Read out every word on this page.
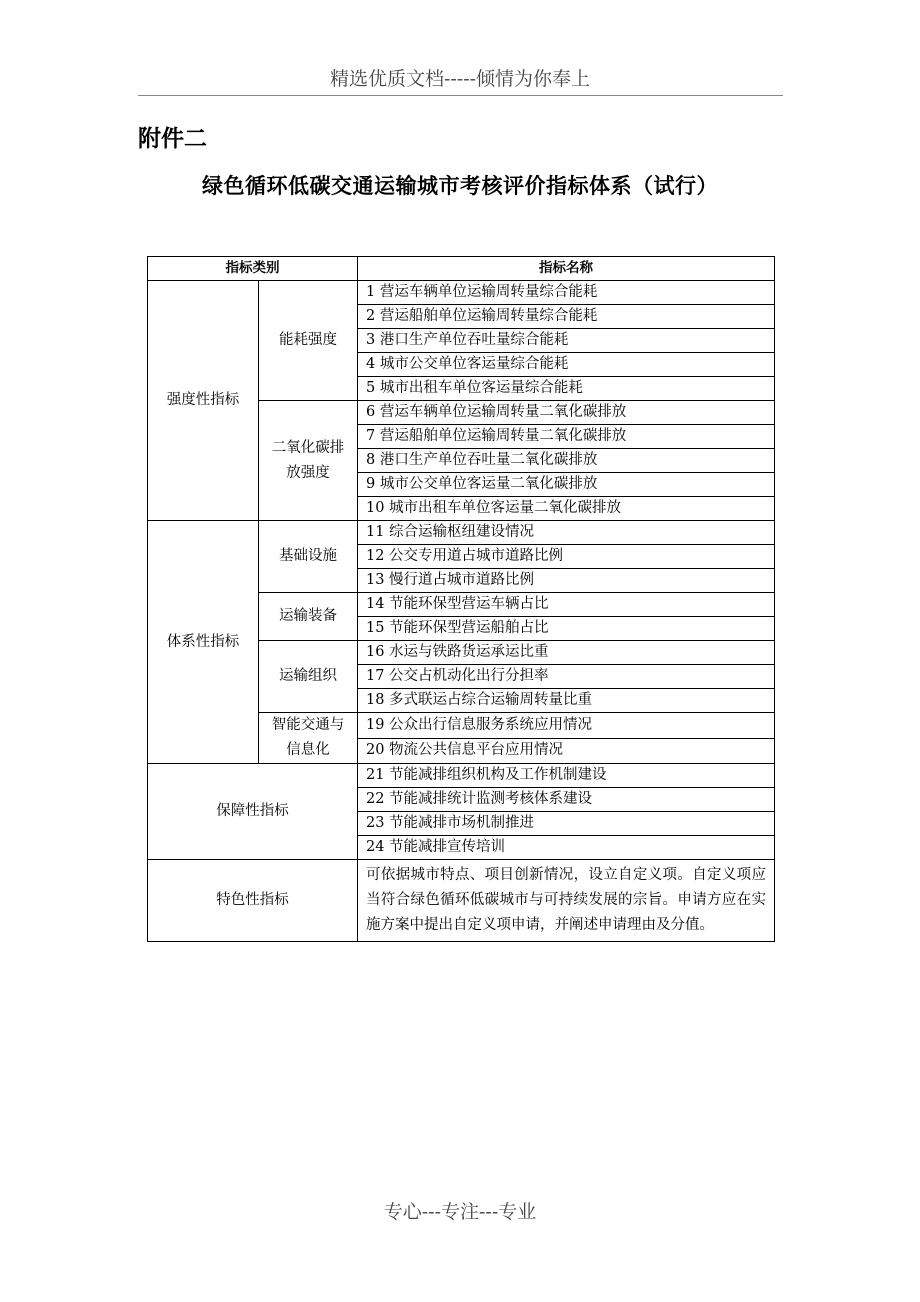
精选优质文档-----倾情为你奉上
附件二
绿色循环低碳交通运输城市考核评价指标体系（试行）
指标类别		指标名称
强度性指标	能耗强度	1 营运车辆单位运输周转量综合能耗
		2 营运船舶单位运输周转量综合能耗
		3 港口生产单位吞吐量综合能耗
		4 城市公交单位客运量综合能耗
		5 城市出租车单位客运量综合能耗
	二氧化碳排放强度	6 营运车辆单位运输周转量二氧化碳排放
		7 营运船舶单位运输周转量二氧化碳排放
		8 港口生产单位吞吐量二氧化碳排放
		9 城市公交单位客运量二氧化碳排放
		10 城市出租车单位客运量二氧化碳排放
体系性指标	基础设施	11 综合运输枢纽建设情况
		12 公交专用道占城市道路比例
		13 慢行道占城市道路比例
	运输装备	14 节能环保型营运车辆占比
		15 节能环保型营运船舶占比
	运输组织	16 水运与铁路货运承运比重
		17 公交占机动化出行分担率
		18 多式联运占综合运输周转量比重
	智能交通与信息化	19 公众出行信息服务系统应用情况
		20 物流公共信息平台应用情况
保障性指标		21 节能减排组织机构及工作机制建设
		22 节能减排统计监测考核体系建设
		23 节能减排市场机制推进
		24 节能减排宣传培训
特色性指标		可依据城市特点、项目创新情况，设立自定义项。自定义项应当符合绿色循环低碳城市与可持续发展的宗旨。申请方应在实施方案中提出自定义项申请，并阐述申请理由及分值。
专心---专注---专业
